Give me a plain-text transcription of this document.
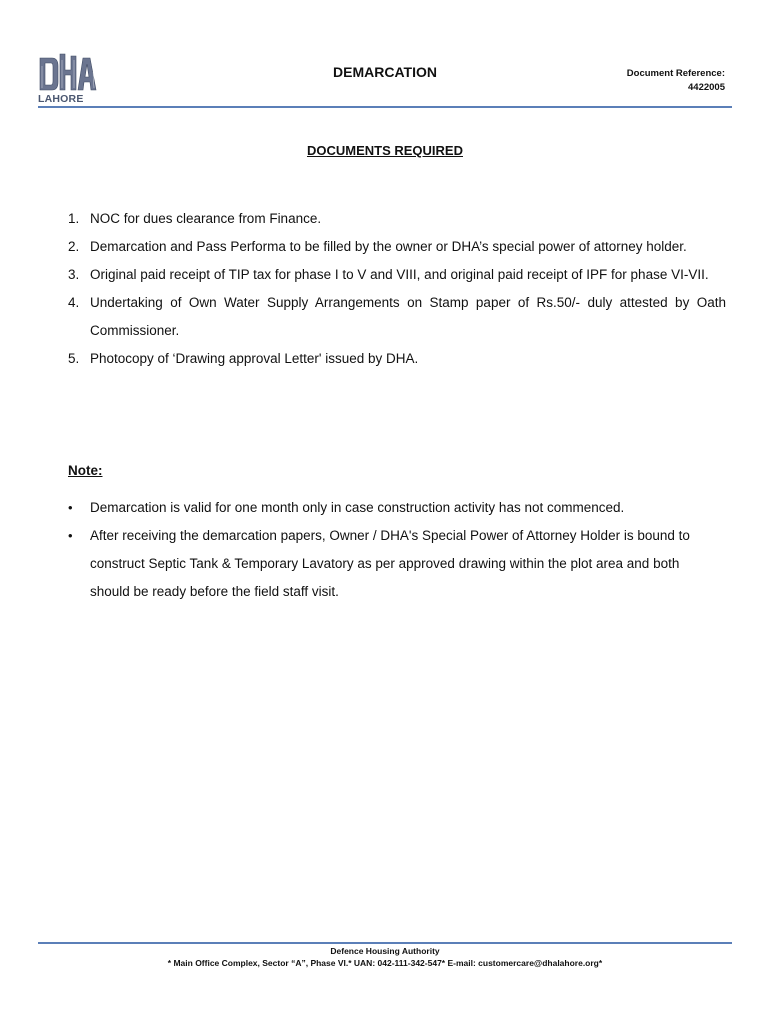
LAHORE
DEMARCATION	Document Reference:
4422005
DOCUMENTS REQUIRED
1. NOC for dues clearance from Finance.
2. Demarcation and Pass Performa to be filled by the owner or DHA’s special power of attorney holder.
3. Original paid receipt of TIP tax for phase I to V and VIII, and original paid receipt of IPF for phase VI-VII.
4. Undertaking of Own Water Supply Arrangements on Stamp paper of Rs.50/- duly attested by Oath Commissioner.
5. Photocopy of ‘Drawing approval Letter' issued by DHA.
Note:
• Demarcation is valid for one month only in case construction activity has not commenced.
• After receiving the demarcation papers, Owner / DHA's Special Power of Attorney Holder is bound to construct Septic Tank & Temporary Lavatory as per approved drawing within the plot area and both should be ready before the field staff visit.
Defence Housing Authority
* Main Office Complex, Sector “A”, Phase VI.* UAN: 042-111-342-547* E-mail: customercare@dhalahore.org*
